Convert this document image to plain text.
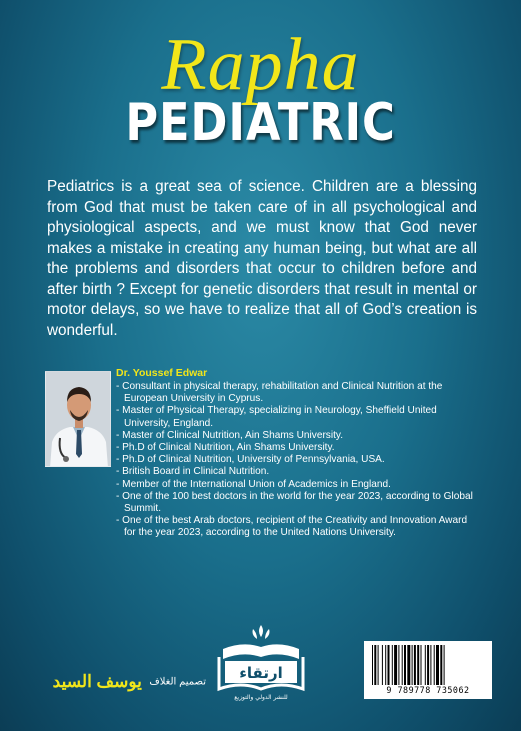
Rapha
PEDIATRIC

Pediatrics is a great sea of science. Children are a blessing from God that must be taken care of in all psychological and physiological aspects, and we must know that God never makes a mistake in creating any human being, but what are all the problems and disorders that occur to children before and after birth ? Except for genetic disorders that result in mental or motor delays, so we have to realize that all of God’s creation is wonderful.

Dr. Youssef Edwar
- Consultant in physical therapy, rehabilitation and Clinical Nutrition at the European University in Cyprus.
- Master of Physical Therapy, specializing in Neurology, Sheffield United University, England.
- Master of Clinical Nutrition, Ain Shams University.
- Ph.D of Clinical Nutrition, Ain Shams University.
- Ph.D of Clinical Nutrition, University of Pennsylvania, USA.
- British Board in Clinical Nutrition.
- Member of the International Union of Academics in England.
- One of the 100 best doctors in the world for the year 2023, according to Global Summit.
- One of the best Arab doctors, recipient of the Creativity and Innovation Award for the year 2023, according to the United Nations University.
ارتقاء
للنشر الدولي والتوزيع
تصميم الغلاف يوسف السيد	9 789778 735062
